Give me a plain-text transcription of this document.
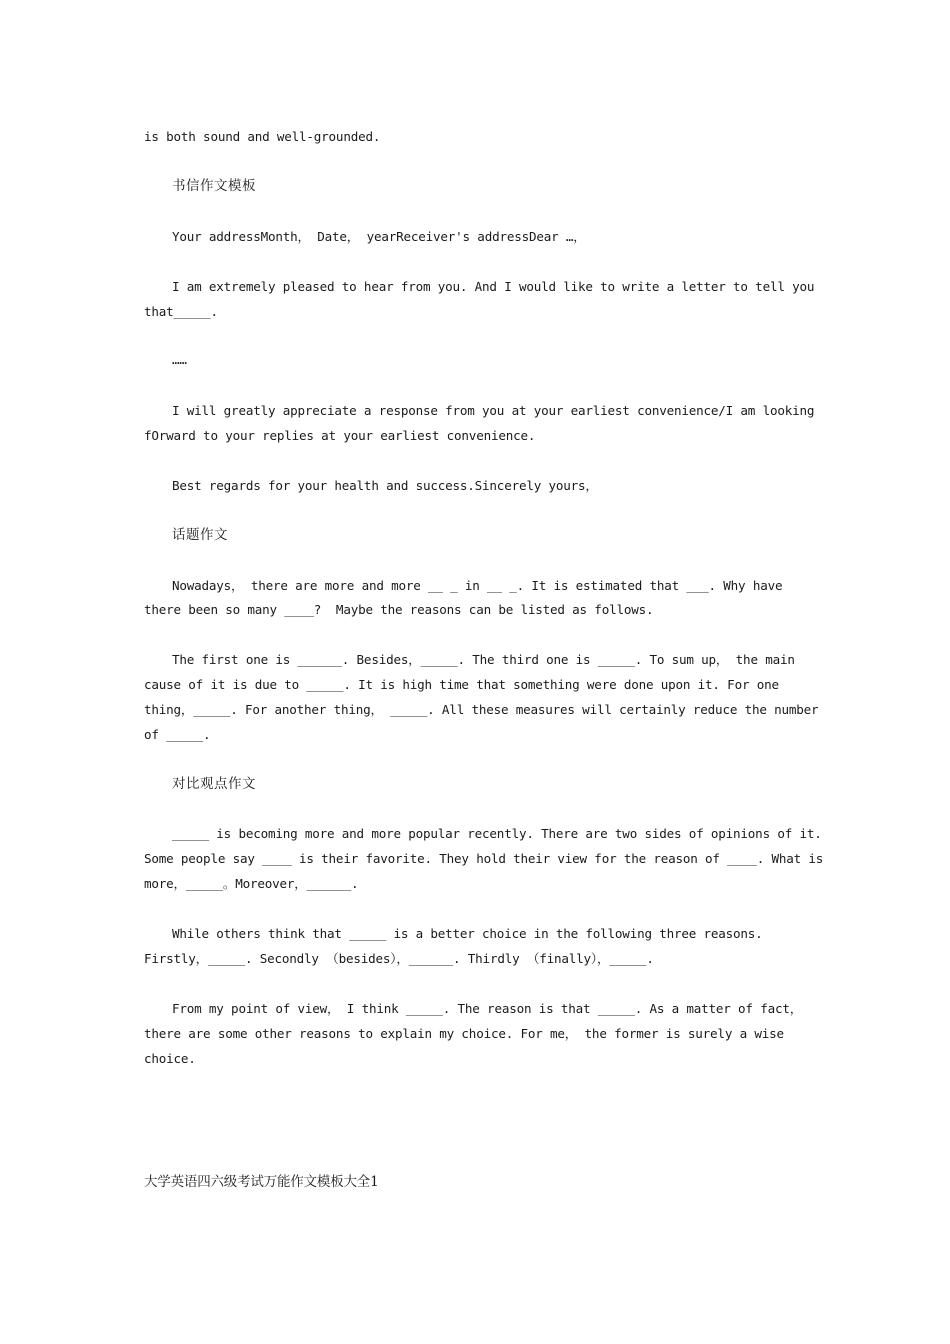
is both sound and well-grounded.
书信作文模板
Your addressMonth， Date， yearReceiver's addressDear …，
I am extremely pleased to hear from you. And I would like to write a letter to tell you
that_____.
……
I will greatly appreciate a response from you at your earliest convenience/I am looking
fOrward to your replies at your earliest convenience.
Best regards for your health and success.Sincerely yours，
话题作文
Nowadays， there are more and more __ _ in __ _. It is estimated that ___. Why have
there been so many ____?  Maybe the reasons can be listed as follows.
The first one is ______. Besides，_____. The third one is _____. To sum up， the main
cause of it is due to _____. It is high time that something were done upon it. For one
thing，_____. For another thing， _____. All these measures will certainly reduce the number
of _____.
对比观点作文
_____ is becoming more and more popular recently. There are two sides of opinions of it.
Some people say ____ is their favorite. They hold their view for the reason of ____. What is
more，_____。Moreover，______.
While others think that _____ is a better choice in the following three reasons.
Firstly，_____. Secondly （besides），______. Thirdly （finally），_____.
From my point of view， I think _____. The reason is that _____. As a matter of fact，
there are some other reasons to explain my choice. For me， the former is surely a wise
choice.
大学英语四六级考试万能作文模板大全1
